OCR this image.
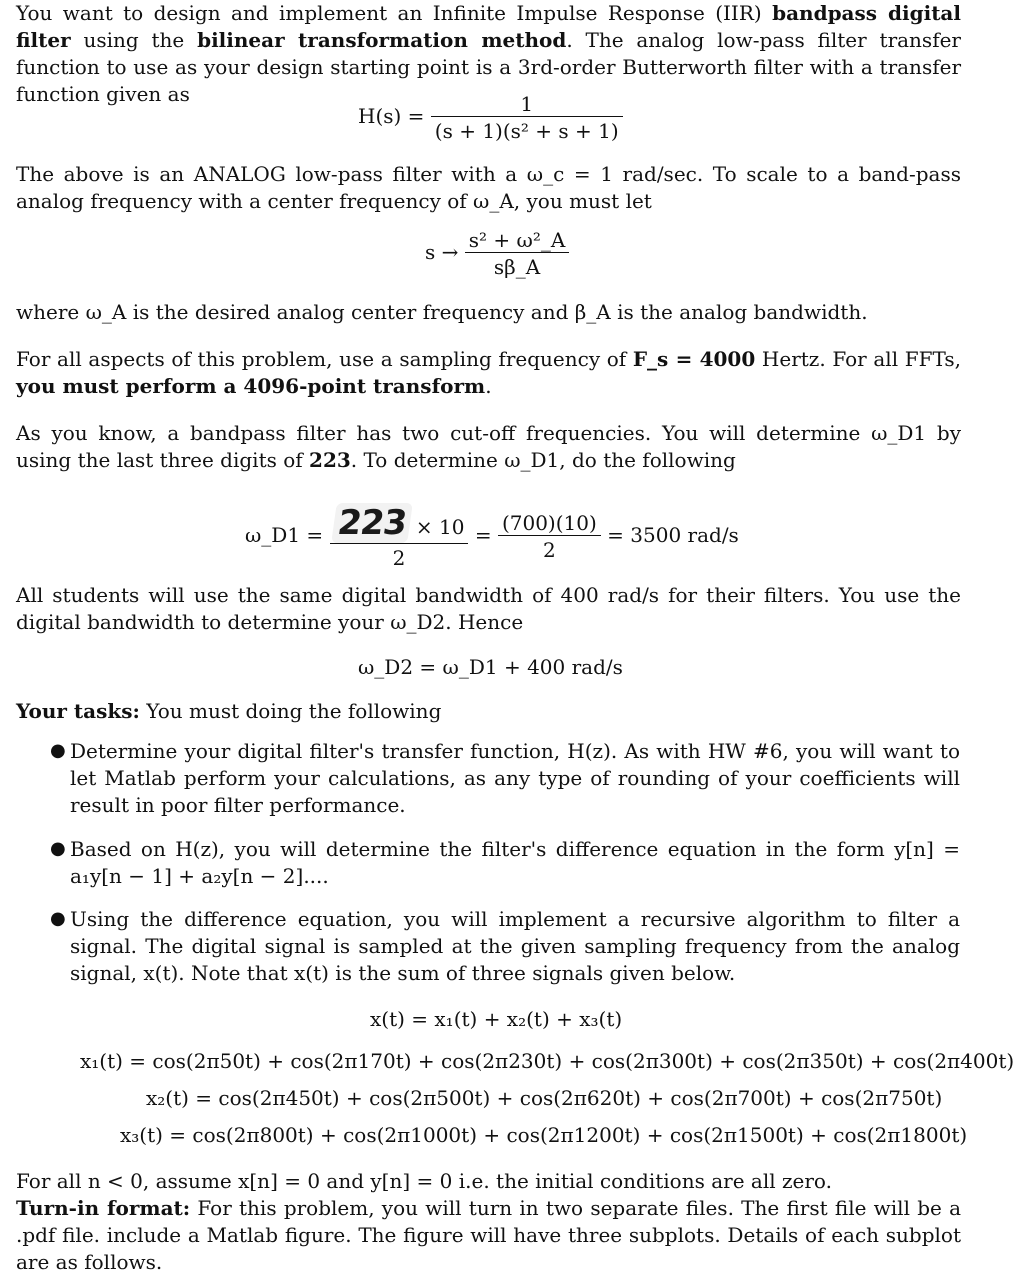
You want to design and implement an Infinite Impulse Response (IIR) bandpass digital filter using the bilinear transformation method. The analog low-pass filter transfer function to use as your design starting point is a 3rd-order Butterworth filter with a transfer function given as
$H(s) = \frac{1}{\text{(s + 1)(s² + s + 1)}}$
The above is an ANALOG low-pass filter with a ω_c = 1 rad/sec. To scale to a band-pass analog frequency with a center frequency of ω_A, you must let
$s \to \frac{\text{s² + ω²\_A}}{s\beta\_A}$
where ω_A is the desired analog center frequency and β_A is the analog bandwidth.
For all aspects of this problem, use a sampling frequency of F_s = 4000 Hertz. For all FFTs, you must perform a 4096-point transform.
As you know, a bandpass filter has two cut-off frequencies. You will determine ω_D1 by using the last three digits of 223. To determine ω_D1, do the following
ω_D1 = $\frac{223 \times 10}{2} = \frac{(700)(10)}{2} = 3500$ rad/s
All students will use the same digital bandwidth of 400 rad/s for their filters. You use the digital bandwidth to determine your ω_D2. Hence
ω_D2 = ω_D1 + 400 rad/s
Your tasks: You must doing the following
● Determine your digital filter's transfer function, H(z). As with HW #6, you will want to let Matlab perform your calculations, as any type of rounding of your coefficients will result in poor filter performance.
● Based on H(z), you will determine the filter's difference equation in the form y[n] = a₁y[n − 1] + a₂y[n − 2]....
● Using the difference equation, you will implement a recursive algorithm to filter a signal. The digital signal is sampled at the given sampling frequency from the analog signal, x(t). Note that x(t) is the sum of three signals given below.
x(t) = x₁(t) + x₂(t) + x₃(t)
x₁(t) = cos(2π50t) + cos(2π170t) + cos(2π230t) + cos(2π300t) + cos(2π350t) + cos(2π400t)
x₂(t) = cos(2π450t) + cos(2π500t) + cos(2π620t) + cos(2π700t) + cos(2π750t)
x₃(t) = cos(2π800t) + cos(2π1000t) + cos(2π1200t) + cos(2π1500t) + cos(2π1800t)
For all n < 0, assume x[n] = 0 and y[n] = 0 i.e. the initial conditions are all zero.
Turn-in format: For this problem, you will turn in two separate files. The first file will be a .pdf file. include a Matlab figure. The figure will have three subplots. Details of each subplot are as follows.
